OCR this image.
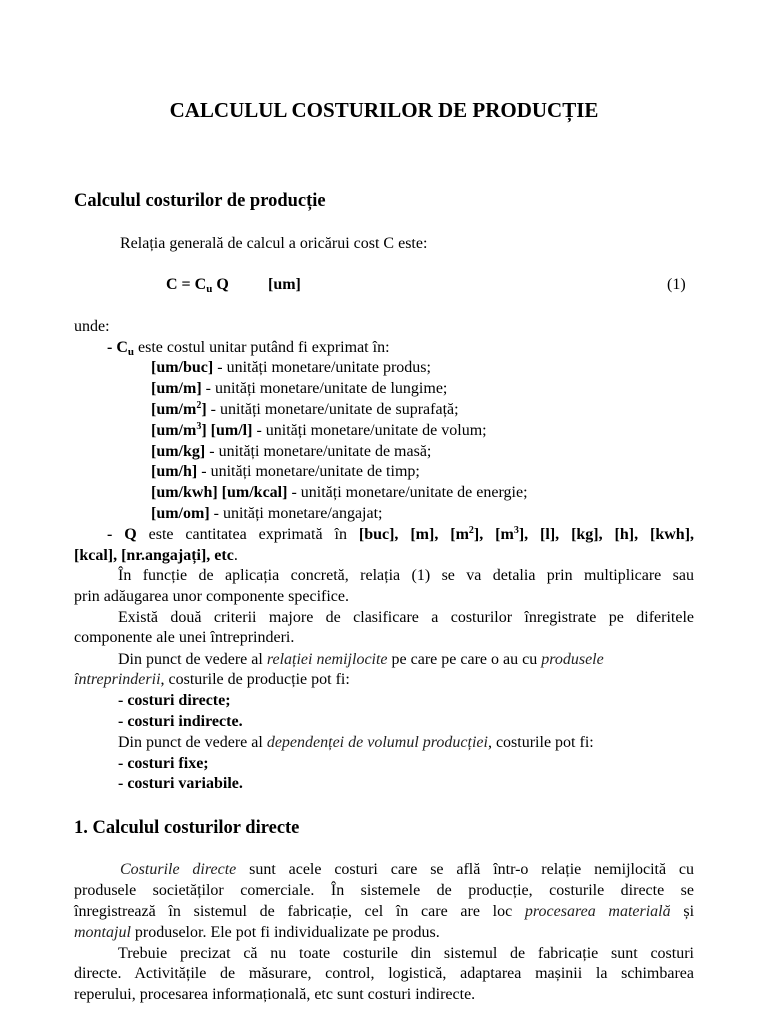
CALCULUL COSTURILOR DE PRODUCȚIE
Calculul costurilor de producție
Relația generală de calcul a oricărui cost C este:
$C = C_u$ Q [um]	(1)
unde:
- $C_u$ este costul unitar putând fi exprimat în:
[um/buc] - unități monetare/unitate produs;
[um/m] - unități monetare/unitate de lungime;
$[um/m^2]$ - unități monetare/unitate de suprafață;
$[um/m^3]$ [um/l] - unități monetare/unitate de volum;
[um/kg] - unități monetare/unitate de masă;
[um/h] - unități monetare/unitate de timp;
[um/kwh] [um/kcal] - unități monetare/unitate de energie;
[um/om] - unități monetare/angajat;
- Q este cantitatea exprimată în [buc], [m], $[m^2]$, $[m^3]$, [l], [kg], [h], [kwh],
[kcal], [nr.angajați], etc.
În funcție de aplicația concretă, relația (1) se va detalia prin multiplicare sau
prin adăugarea unor componente specifice.
Există două criterii majore de clasificare a costurilor înregistrate pe diferitele
componente ale unei întreprinderi.
Din punct de vedere al relației nemijlocite pe care pe care o au cu produsele
întreprinderii, costurile de producție pot fi:
- costuri directe;
- costuri indirecte.
Din punct de vedere al dependenței de volumul producției, costurile pot fi:
- costuri fixe;
- costuri variabile.
1. Calculul costurilor directe
Costurile directe sunt acele costuri care se află într-o relație nemijlocită cu
produsele societăților comerciale. În sistemele de producție, costurile directe se
înregistrează în sistemul de fabricație, cel în care are loc procesarea materială și
montajul produselor. Ele pot fi individualizate pe produs.
Trebuie precizat că nu toate costurile din sistemul de fabricație sunt costuri
directe. Activitățile de măsurare, control, logistică, adaptarea mașinii la schimbarea
reperului, procesarea informațională, etc sunt costuri indirecte.
